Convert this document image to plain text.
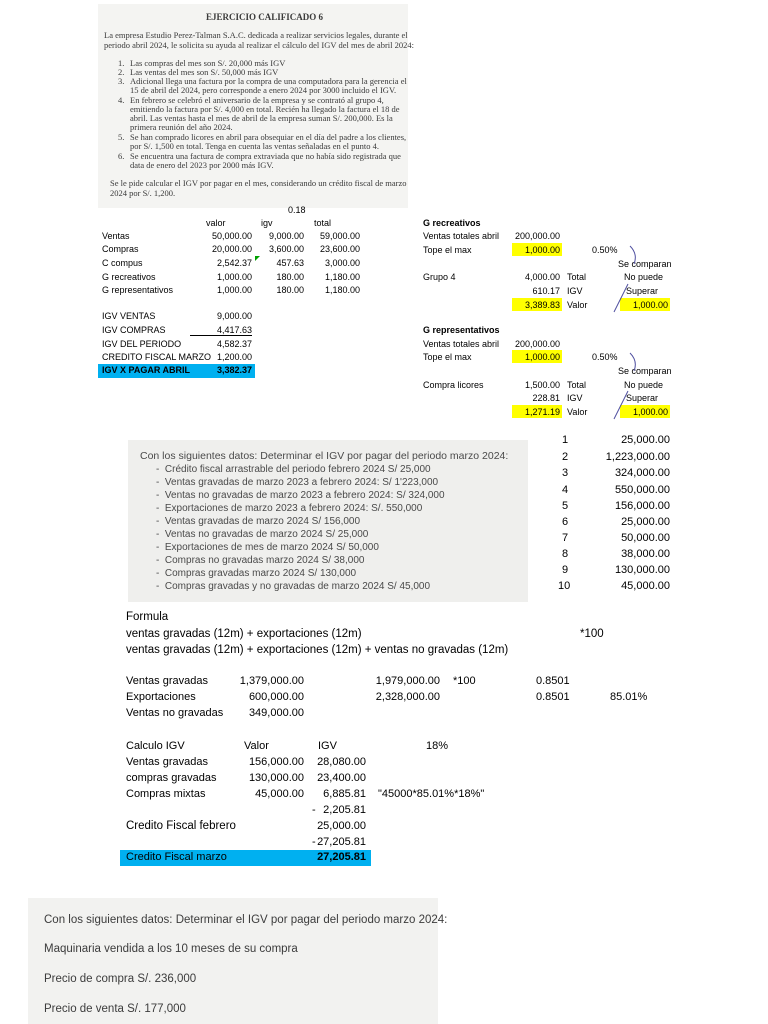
EJERCICIO CALIFICADO 6
La empresa Estudio Perez-Talman S.A.C. dedicada a realizar servicios legales, durante el
periodo abril 2024, le solicita su ayuda al realizar el cálculo del IGV del mes de abril 2024:
1. Las compras del mes son S/. 20,000 más IGV
2. Las ventas del mes son S/. 50,000 más IGV
3. Adicional llega una factura por la compra de una computadora para la gerencia el
15 de abril del 2024, pero corresponde a enero 2024 por 3000 incluido el IGV.
4. En febrero se celebró el aniversario de la empresa y se contrató al grupo 4,
emitiendo la factura por S/. 4,000 en total. Recién ha llegado la factura el 18 de
abril. Las ventas hasta el mes de abril de la empresa suman S/. 200,000. Es la
primera reunión del año 2024.
5. Se han comprado licores en abril para obsequiar en el día del padre a los clientes,
por S/. 1,500 en total. Tenga en cuenta las ventas señaladas en el punto 4.
6. Se encuentra una factura de compra extraviada que no había sido registrada que
data de enero del 2023 por 2000 más IGV.
Se le pide calcular el IGV por pagar en el mes, considerando un crédito fiscal de marzo
2024 por S/. 1,200.
0.18
valor	igv	total
Ventas	50,000.00	9,000.00	59,000.00
Compras	20,000.00	3,600.00	23,600.00
C compus	2,542.37	457.63	3,000.00
G recreativos	1,000.00	180.00	1,180.00
G representativos	1,000.00	180.00	1,180.00
IGV VENTAS	9,000.00
IGV COMPRAS	4,417.63
IGV DEL PERIODO	4,582.37
CREDITO FISCAL MARZO 1,200.00
IGV X PAGAR ABRIL	3,382.37
G recreativos
Ventas totales abril	200,000.00
Tope el max	1,000.00	0.50%
Se comparan
No puede
Grupo 4	4,000.00 Total
610.17 IGV	Superar
3,389.83 Valor	1,000.00
G representativos
Ventas totales abril	200,000.00
Tope el max	1,000.00	0.50%
Se comparan
No puede
Compra licores	1,500.00 Total
228.81 IGV	Superar
1,271.19 Valor	1,000.00
Con los siguientes datos: Determinar el IGV por pagar del periodo marzo 2024:
-  Crédito fiscal arrastrable del periodo febrero 2024 S/ 25,000
-  Ventas gravadas de marzo 2023 a febrero 2024: S/ 1'223,000
-  Ventas no gravadas de marzo 2023 a febrero 2024: S/ 324,000
-  Exportaciones de marzo 2023 a febrero 2024: S/. 550,000
-  Ventas gravadas de marzo 2024 S/ 156,000
-  Ventas no gravadas de marzo 2024 S/ 25,000
-  Exportaciones de mes de marzo 2024 S/ 50,000
-  Compras no gravadas marzo 2024 S/ 38,000
-  Compras gravadas marzo 2024 S/ 130,000
-  Compras gravadas y no gravadas de marzo 2024 S/ 45,000
1	25,000.00
2	1,223,000.00
3	324,000.00
4	550,000.00
5	156,000.00
6	25,000.00
7	50,000.00
8	38,000.00
9	130,000.00
10	45,000.00
Formula
ventas gravadas (12m) + exportaciones (12m)	*100
ventas gravadas (12m) + exportaciones (12m) + ventas no gravadas (12m)
Ventas gravadas	1,379,000.00
Exportaciones	600,000.00
Ventas no gravadas	349,000.00
1,979,000.00 *100
2,328,000.00
0.8501
0.8501	85.01%
Calculo IGV	Valor	IGV	18%
Ventas gravadas	156,000.00	28,080.00
compras gravadas	130,000.00	23,400.00
Compras mixtas	45,000.00	6,885.81 "45000*85.01%*18%"
- 2,205.81
Credito Fiscal febrero	25,000.00
- 27,205.81
Credito Fiscal marzo	27,205.81
Con los siguientes datos: Determinar el IGV por pagar del periodo marzo 2024:
Maquinaria vendida a los 10 meses de su compra
Precio de compra S/. 236,000
Precio de venta S/. 177,000
